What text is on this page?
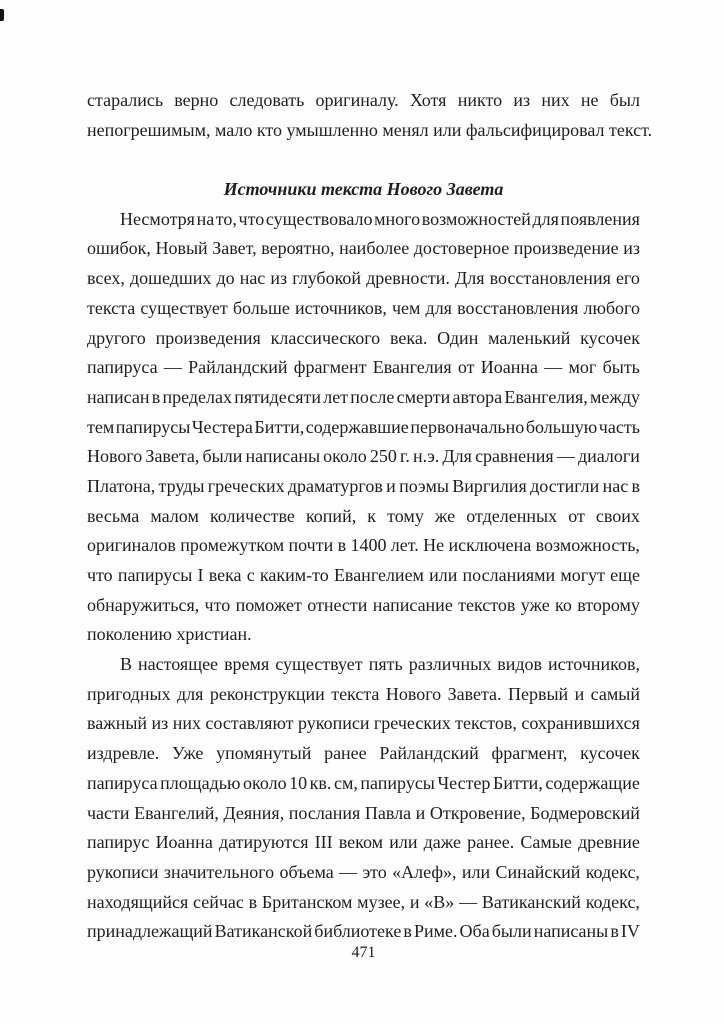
старались верно следовать оригиналу. Хотя никто из них не был
непогрешимым, мало кто умышленно менял или фальсифицировал текст.
Источники текста Нового Завета
Несмотря на то, что существовало много возможностей для появления
ошибок, Новый Завет, вероятно, наиболее достоверное произведение из
всех, дошедших до нас из глубокой древности. Для восстановления его
текста существует больше источников, чем для восстановления любого
другого произведения классического века. Один маленький кусочек
папируса — Райландский фрагмент Евангелия от Иоанна — мог быть
написан в пределах пятидесяти лет после смерти автора Евангелия, между
тем папирусы Честера Битти, содержавшие первоначально большую часть
Нового Завета, были написаны около 250 г. н.э. Для сравнения — диалоги
Платона, труды греческих драматургов и поэмы Виргилия достигли нас в
весьма малом количестве копий, к тому же отделенных от своих
оригиналов промежутком почти в 1400 лет. Не исключена возможность,
что папирусы I века с каким-то Евангелием или посланиями могут еще
обнаружиться, что поможет отнести написание текстов уже ко второму
поколению христиан.
В настоящее время существует пять различных видов источников,
пригодных для реконструкции текста Нового Завета. Первый и самый
важный из них составляют рукописи греческих текстов, сохранившихся
издревле. Уже упомянутый ранее Райландский фрагмент, кусочек
папируса площадью около 10 кв. см, папирусы Честер Битти, содержащие
части Евангелий, Деяния, послания Павла и Откровение, Бодмеровский
папирус Иоанна датируются III веком или даже ранее. Самые древние
рукописи значительного объема — это «Алеф», или Синайский кодекс,
находящийся сейчас в Британском музее, и «В» — Ватиканский кодекс,
принадлежащий Ватиканской библиотеке в Риме. Оба были написаны в IV
471
